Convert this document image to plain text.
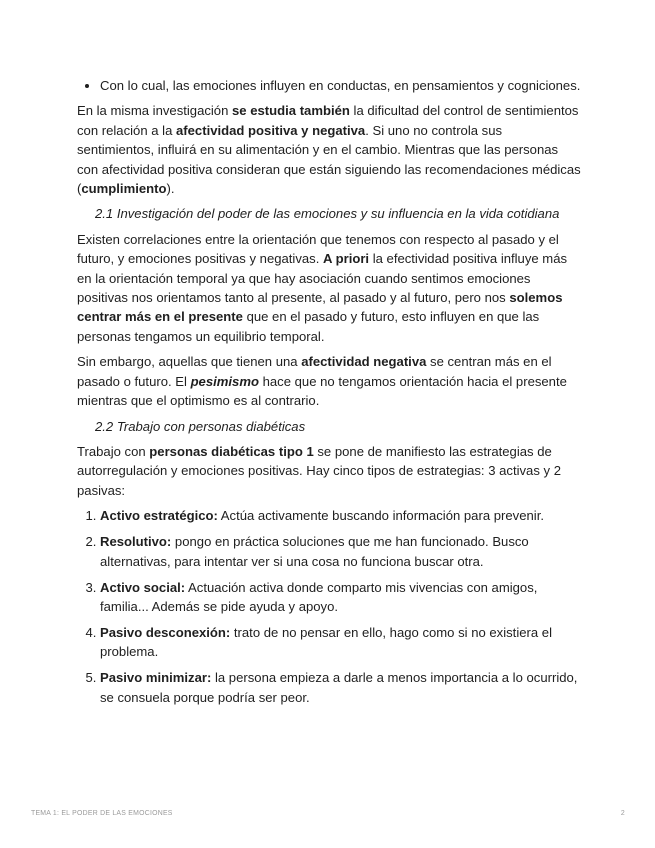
• Con lo cual, las emociones influyen en conductas, en pensamientos y cogniciones.

En la misma investigación se estudia también la dificultad del control de sentimientos con relación a la afectividad positiva y negativa. Si uno no controla sus sentimientos, influirá en su alimentación y en el cambio. Mientras que las personas con afectividad positiva consideran que están siguiendo las recomendaciones médicas (cumplimiento).

2.1 Investigación del poder de las emociones y su influencia en la vida cotidiana

Existen correlaciones entre la orientación que tenemos con respecto al pasado y el futuro, y emociones positivas y negativas. A priori la efectividad positiva influye más en la orientación temporal ya que hay asociación cuando sentimos emociones positivas nos orientamos tanto al presente, al pasado y al futuro, pero nos solemos centrar más en el presente que en el pasado y futuro, esto influyen en que las personas tengamos un equilibrio temporal.

Sin embargo, aquellas que tienen una afectividad negativa se centran más en el pasado o futuro. El pesimismo hace que no tengamos orientación hacia el presente mientras que el optimismo es al contrario.

2.2 Trabajo con personas diabéticas

Trabajo con personas diabéticas tipo 1 se pone de manifiesto las estrategias de autorregulación y emociones positivas. Hay cinco tipos de estrategias: 3 activas y 2 pasivas:

1. Activo estratégico: Actúa activamente buscando información para prevenir.
2. Resolutivo: pongo en práctica soluciones que me han funcionado. Busco alternativas, para intentar ver si una cosa no funciona buscar otra.
3. Activo social: Actuación activa donde comparto mis vivencias con amigos, familia... Además se pide ayuda y apoyo.
4. Pasivo desconexión: trato de no pensar en ello, hago como si no existiera el problema.
5. Pasivo minimizar: la persona empieza a darle a menos importancia a lo ocurrido, se consuela porque podría ser peor.
TEMA 1: EL PODER DE LAS EMOCIONES	2
